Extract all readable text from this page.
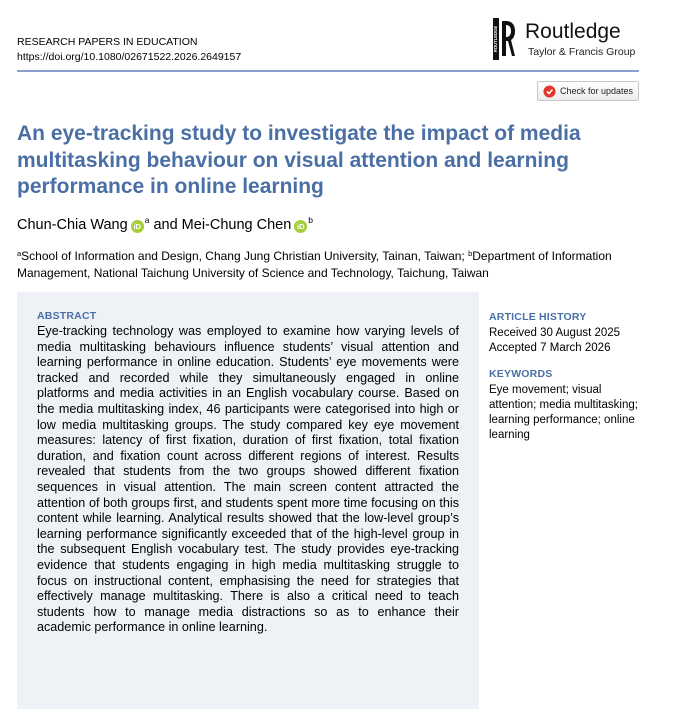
RESEARCH PAPERS IN EDUCATION
https://doi.org/10.1080/02671522.2026.2649157
ROUTLEDGE Routledge
Taylor & Francis Group
Check for updates
An eye-tracking study to investigate the impact of media multitasking behaviour on visual attention and learning performance in online learning
Chun-Chia Wang $iD^a$ and Mei-Chung Chen $iD^b$

$^a$School of Information and Design, Chang Jung Christian University, Tainan, Taiwan; $^b$Department of Information Management, National Taichung University of Science and Technology, Taichung, Taiwan

ABSTRACT

Eye-tracking technology was employed to examine how varying levels of media multitasking behaviours influence students’ visual attention and learning performance in online education. Students’ eye movements were tracked and recorded while they simultaneously engaged in online platforms and media activities in an English vocabulary course. Based on the media multitasking index, 46 participants were categorised into high or low media multitasking groups. The study compared key eye movement measures: latency of first fixation, duration of first fixation, total fixation duration, and fixation count across different regions of interest. Results revealed that students from the two groups showed different fixation sequences in visual attention. The main screen content attracted the attention of both groups first, and students spent more time focusing on this content while learning. Analytical results showed that the low-level group’s learning performance significantly exceeded that of the high-level group in the subsequent English vocabulary test. The study provides eye-tracking evidence that students engaging in high media multitasking struggle to focus on instructional content, emphasising the need for strategies that effectively manage multitasking. There is also a critical need to teach students how to manage media distractions so as to enhance their academic performance in online learning.

ARTICLE HISTORY
Received 30 August 2025
Accepted 7 March 2026
KEYWORDS
Eye movement; visual attention; media multitasking; learning performance; online learning
